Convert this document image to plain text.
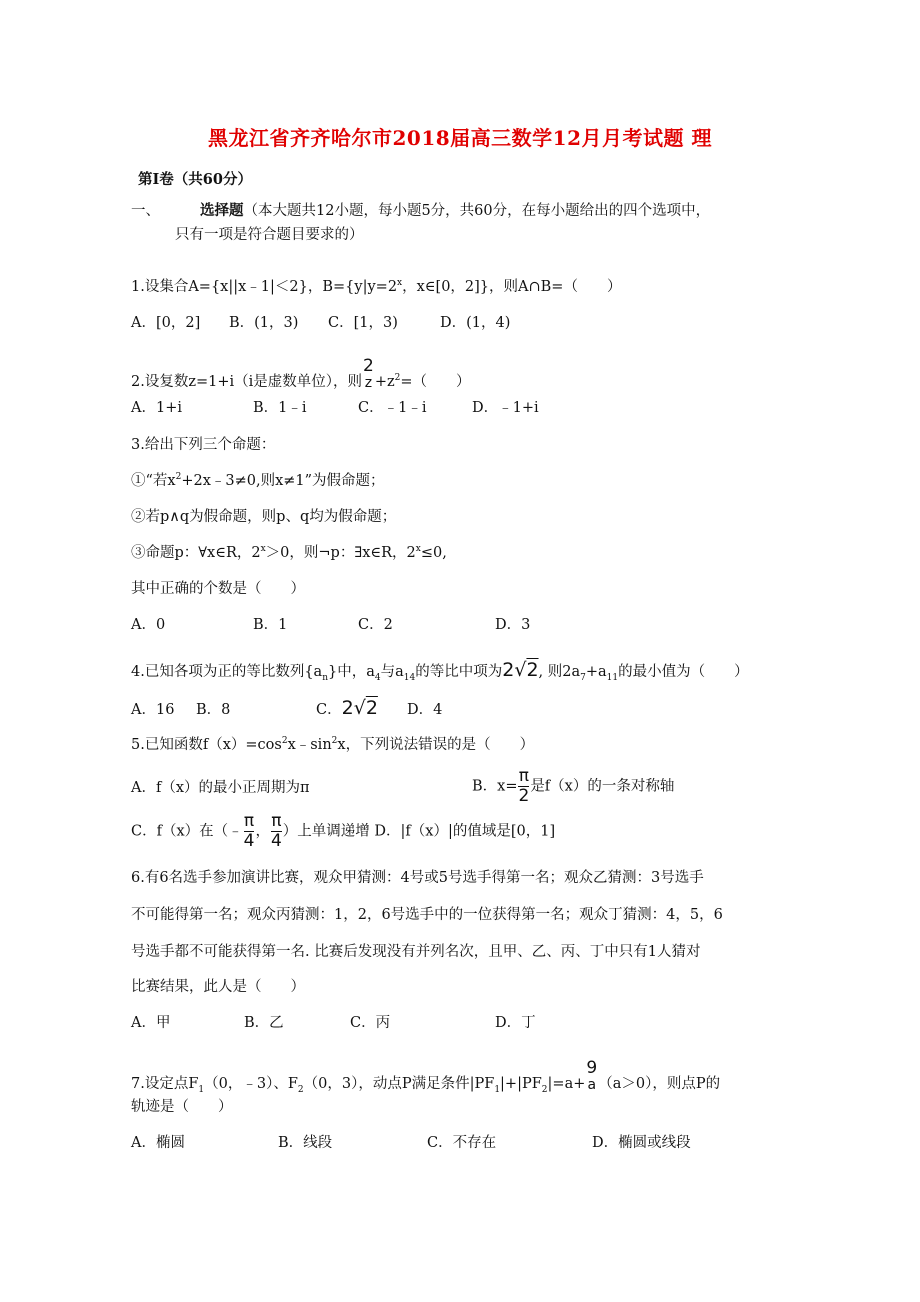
黑龙江省齐齐哈尔市2018届高三数学12月月考试题 理
第Ⅰ卷（共60分）
一、	选择题（本大题共12小题，每小题5分，共60分，在每小题给出的四个选项中，
只有一项是符合题目要求的）
1.设集合A={x||x﹣1|＜2}，$B=\{y|y=2^x$，x∈[0，2]}，则A∩B=（　　）
A．[0，2] B．(1，3) C．[1，3)	D．(1，4)
2.设复数z=1+i（i是虚数单位），则
2
$z +z^2=$（　　）
A．1+i	B．1﹣i	C．﹣1﹣i	D．﹣1+i
3.给出下列三个命题：
①“若$x^2+2x﹣3\ne 0$,则x≠1”为假命题；
②若p∧q为假命题，则p、q均为假命题；
③命题p：∀x∈R，$2^x>0$，则¬p：∃x∈R，$2^x\le 0$,
其中正确的个数是（　　）
A．0	B．1	C．2	D．3
4.已知各项为正的等比数列$\{a_n\}$中，$a_4$与$a_{14}$的等比中项为2√2, 则$2a_7+a_{11}$的最小值为（　　）
A．16 B．8	C．2√2 D．4
5.已知函数$f(x)=\cos^2x﹣\sin^2x$，下列说法错误的是（　　）
A．f（x）的最小正周期为π	B．$x= \frac{\pi}{2}$ 是f（x）的一条对称轴
C．f（x）在（﹣ $\frac{\pi}{4}$ ， $\frac{\pi}{4}$ ）上单调递增 D．|f（x）|的值域是[0，1]
6.有6名选手参加演讲比赛，观众甲猜测：4号或5号选手得第一名；观众乙猜测：3号选手
不可能得第一名；观众丙猜测：1，2，6号选手中的一位获得第一名；观众丁猜测：4，5，6
号选手都不可能获得第一名. 比赛后发现没有并列名次，且甲、乙、丙、丁中只有1人猜对
比赛结果，此人是（　　）
A．甲	B．乙	C．丙	D．丁
7.设定点$F_1(0$，﹣3）、$F_2(0$，3），动点P满足条件$|PF_1|+|PF_2|=a+$
9
a （a＞0），则点P的
轨迹是（　　）
A．椭圆	B．线段	C．不存在	D．椭圆或线段
